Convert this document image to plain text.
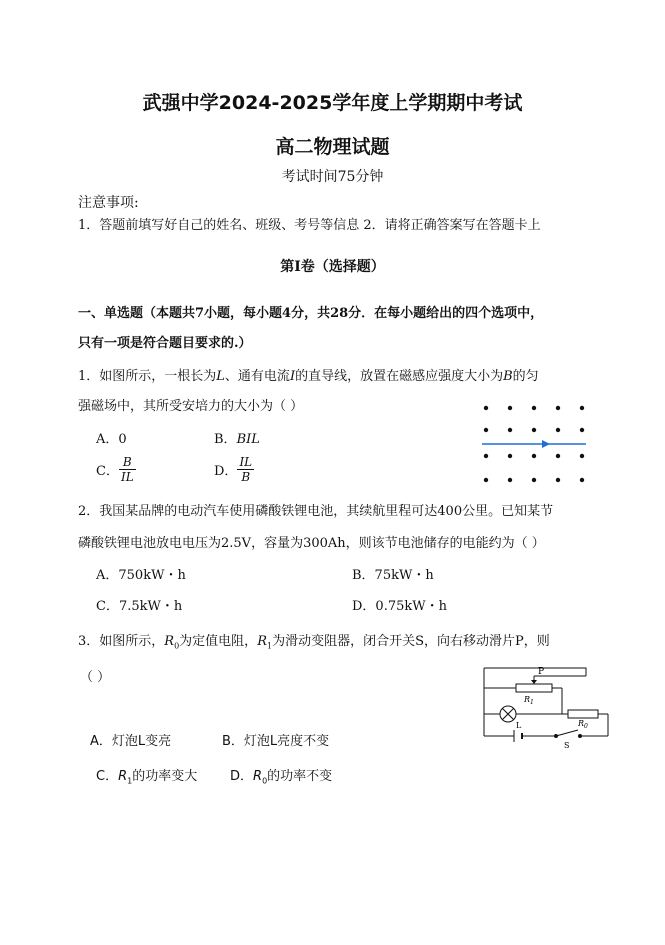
武强中学2024-2025学年度上学期期中考试
高二物理试题
考试时间75分钟
注意事项:
1．答题前填写好自己的姓名、班级、考号等信息 2．请将正确答案写在答题卡上
第Ⅰ卷（选择题）
一、单选题（本题共7小题，每小题4分，共28分．在每小题给出的四个选项中，
只有一项是符合题目要求的.）
1．如图所示，一根长为L、通有电流I的直导线，放置在磁感应强度大小为B的匀
强磁场中，其所受安培力的大小为（ ）
A．0	B．BIL
C． $\frac{B}{IL}$	D． $\frac{IL}{B}$
2．我国某品牌的电动汽车使用磷酸铁锂电池，其续航里程可达400公里。已知某节
磷酸铁锂电池放电电压为2.5V，容量为300Ah，则该节电池储存的电能约为（ ）
A．750kW・h	B．75kW・h
C．7.5kW・h	D．0.75kW・h
3．如图所示，$R_0$为定值电阻，$R_1$为滑动变阻器，闭合开关S，向右移动滑片P，则
（ ）
A．灯泡L变亮	B．灯泡L亮度不变
C．$R_1$的功率变大	D．$R_0$的功率不变
P
$R_1$
L	$R_0$
S
